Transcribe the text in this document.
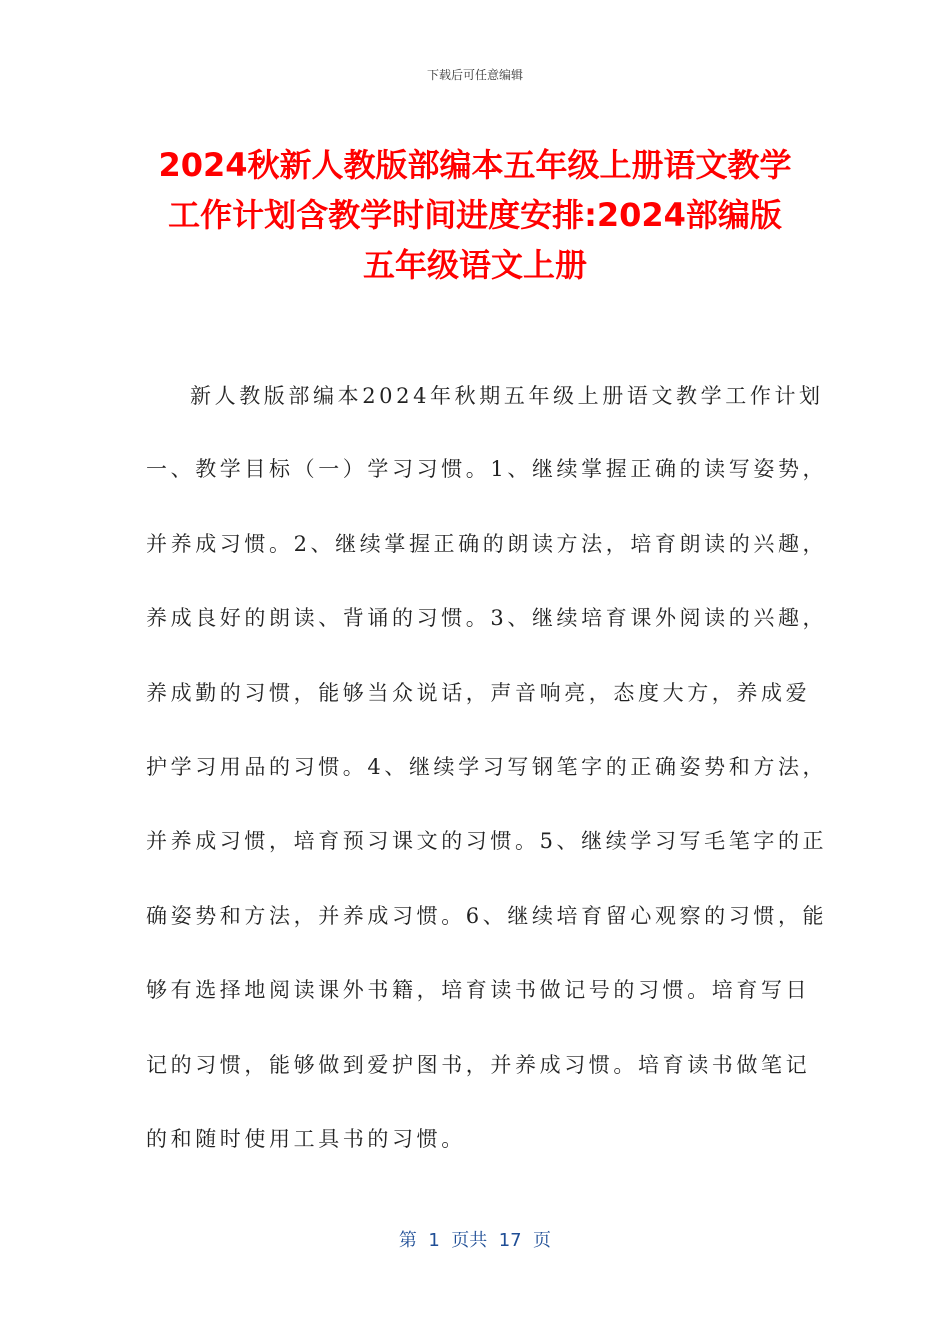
下载后可任意编辑
2024秋新人教版部编本五年级上册语文教学
工作计划含教学时间进度安排:2024部编版
五年级语文上册
新人教版部编本2024年秋期五年级上册语文教学工作计划
一、教学目标（一）学习习惯。1、继续掌握正确的读写姿势，
并养成习惯。2、继续掌握正确的朗读方法，培育朗读的兴趣，
养成良好的朗读、背诵的习惯。3、继续培育课外阅读的兴趣，
养成勤的习惯，能够当众说话，声音响亮，态度大方，养成爱
护学习用品的习惯。4、继续学习写钢笔字的正确姿势和方法，
并养成习惯，培育预习课文的习惯。5、继续学习写毛笔字的正
确姿势和方法，并养成习惯。6、继续培育留心观察的习惯，能
够有选择地阅读课外书籍，培育读书做记号的习惯。培育写日
记的习惯，能够做到爱护图书，并养成习惯。培育读书做笔记
的和随时使用工具书的习惯。
第  1  页共  17  页
